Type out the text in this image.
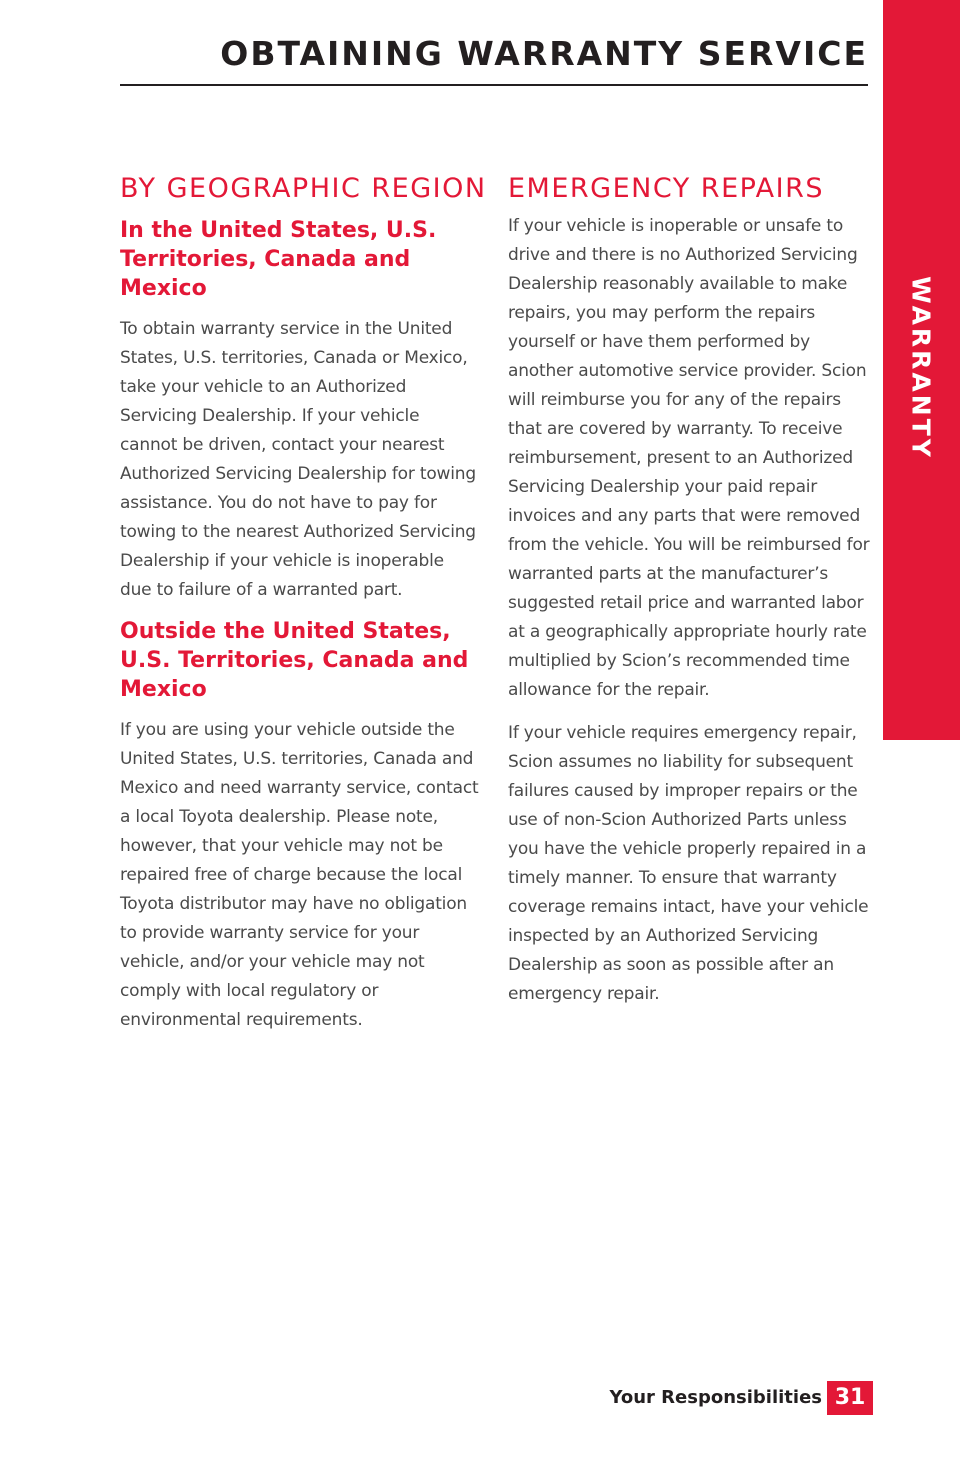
OBTAINING WARRANTY SERVICE
WARRANTY
BY GEOGRAPHIC REGION
In the United States, U.S. Territories, Canada and Mexico

To obtain warranty service in the United States, U.S. territories, Canada or Mexico, take your vehicle to an Authorized Servicing Dealership. If your vehicle cannot be driven, contact your nearest Authorized Servicing Dealership for towing assistance. You do not have to pay for towing to the nearest Authorized Servicing Dealership if your vehicle is inoperable due to failure of a warranted part.

Outside the United States, U.S. Territories, Canada and Mexico

If you are using your vehicle outside the United States, U.S. territories, Canada and Mexico and need warranty service, contact a local Toyota dealership. Please note, however, that your vehicle may not be repaired free of charge because the local Toyota distributor may have no obligation to provide warranty service for your vehicle, and/or your vehicle may not comply with local regulatory or environmental requirements.

EMERGENCY REPAIRS

If your vehicle is inoperable or unsafe to drive and there is no Authorized Servicing Dealership reasonably available to make repairs, you may perform the repairs yourself or have them performed by another automotive service provider. Scion will reimburse you for any of the repairs that are covered by warranty. To receive reimbursement, present to an Authorized Servicing Dealership your paid repair invoices and any parts that were removed from the vehicle. You will be reimbursed for warranted parts at the manufacturer’s suggested retail price and warranted labor at a geographically appropriate hourly rate multiplied by Scion’s recommended time allowance for the repair.

If your vehicle requires emergency repair, Scion assumes no liability for subsequent failures caused by improper repairs or the use of non-Scion Authorized Parts unless you have the vehicle properly repaired in a timely manner. To ensure that warranty coverage remains intact, have your vehicle inspected by an Authorized Servicing Dealership as soon as possible after an emergency repair.

Your Responsibilities 31
